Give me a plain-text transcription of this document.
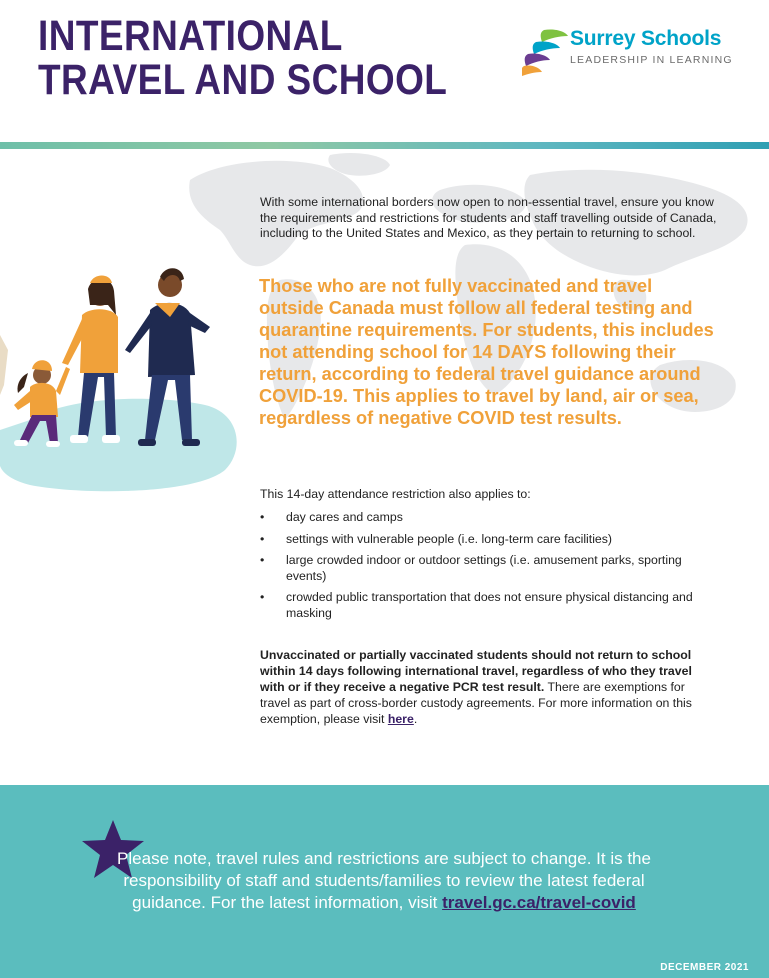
INTERNATIONAL
TRAVEL AND SCHOOL
Surrey Schools
LEADERSHIP IN LEARNING

With some international borders now open to non-essential travel, ensure you know the requirements and restrictions for students and staff travelling outside of Canada, including to the United States and Mexico, as they pertain to returning to school.

Those who are not fully vaccinated and travel outside Canada must follow all federal testing and quarantine requirements. For students, this includes not attending school for 14 DAYS following their return, according to federal travel guidance around COVID-19. This applies to travel by land, air or sea, regardless of negative COVID test results.

This 14-day attendance restriction also applies to:

• day cares and camps
• settings with vulnerable people (i.e. long-term care facilities)
• large crowded indoor or outdoor settings (i.e. amusement parks, sporting events)
• crowded public transportation that does not ensure physical distancing and masking

Unvaccinated or partially vaccinated students should not return to school within 14 days following international travel, regardless of who they travel with or if they receive a negative PCR test result. There are exemptions for travel as part of cross-border custody agreements. For more information on this exemption, please visit here.

Please note, travel rules and restrictions are subject to change. It is the responsibility of staff and students/families to review the latest federal guidance. For the latest information, visit travel.gc.ca/travel-covid

DECEMBER 2021
